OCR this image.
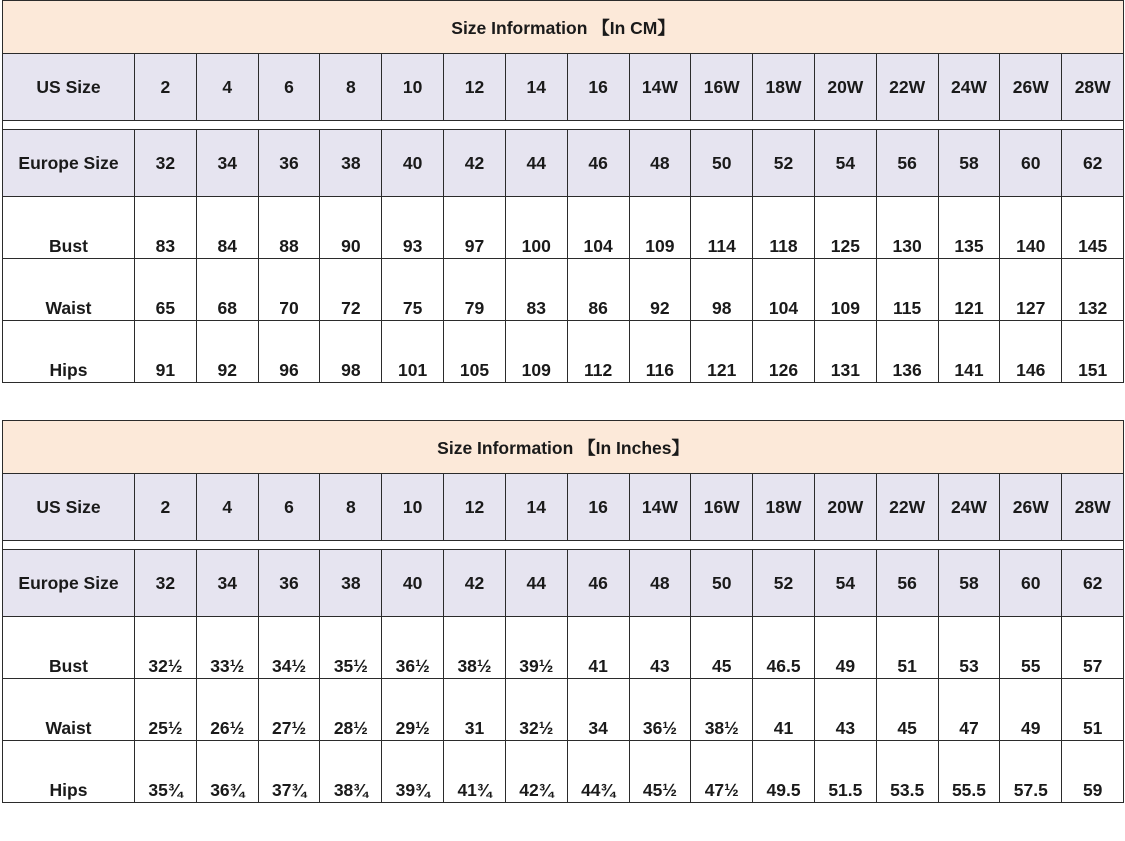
Size Information 【In CM】																
US Size	2	4	6	8	10	12	14	16	14W	16W	18W	20W	22W	24W	26W	28W

Europe Size	32	34	36	38	40	42	44	46	48	50	52	54	56	58	60	62
Bust	83	84	88	90	93	97	100	104	109	114	118	125	130	135	140	145
Waist	65	68	70	72	75	79	83	86	92	98	104	109	115	121	127	132
Hips	91	92	96	98	101	105	109	112	116	121	126	131	136	141	146	151

Size Information 【In Inches】																
US Size	2	4	6	8	10	12	14	16	14W	16W	18W	20W	22W	24W	26W	28W

Europe Size	32	34	36	38	40	42	44	46	48	50	52	54	56	58	60	62
Bust	32½	33½	34½	35½	36½	38½	39½	41	43	45	46.5	49	51	53	55	57
Waist	25½	26½	27½	28½	29½	31	32½	34	36½	38½	41	43	45	47	49	51
Hips	35¾	36¾	37¾	38¾	39¾	41¾	42¾	44¾	45½	47½	49.5	51.5	53.5	55.5	57.5	59
